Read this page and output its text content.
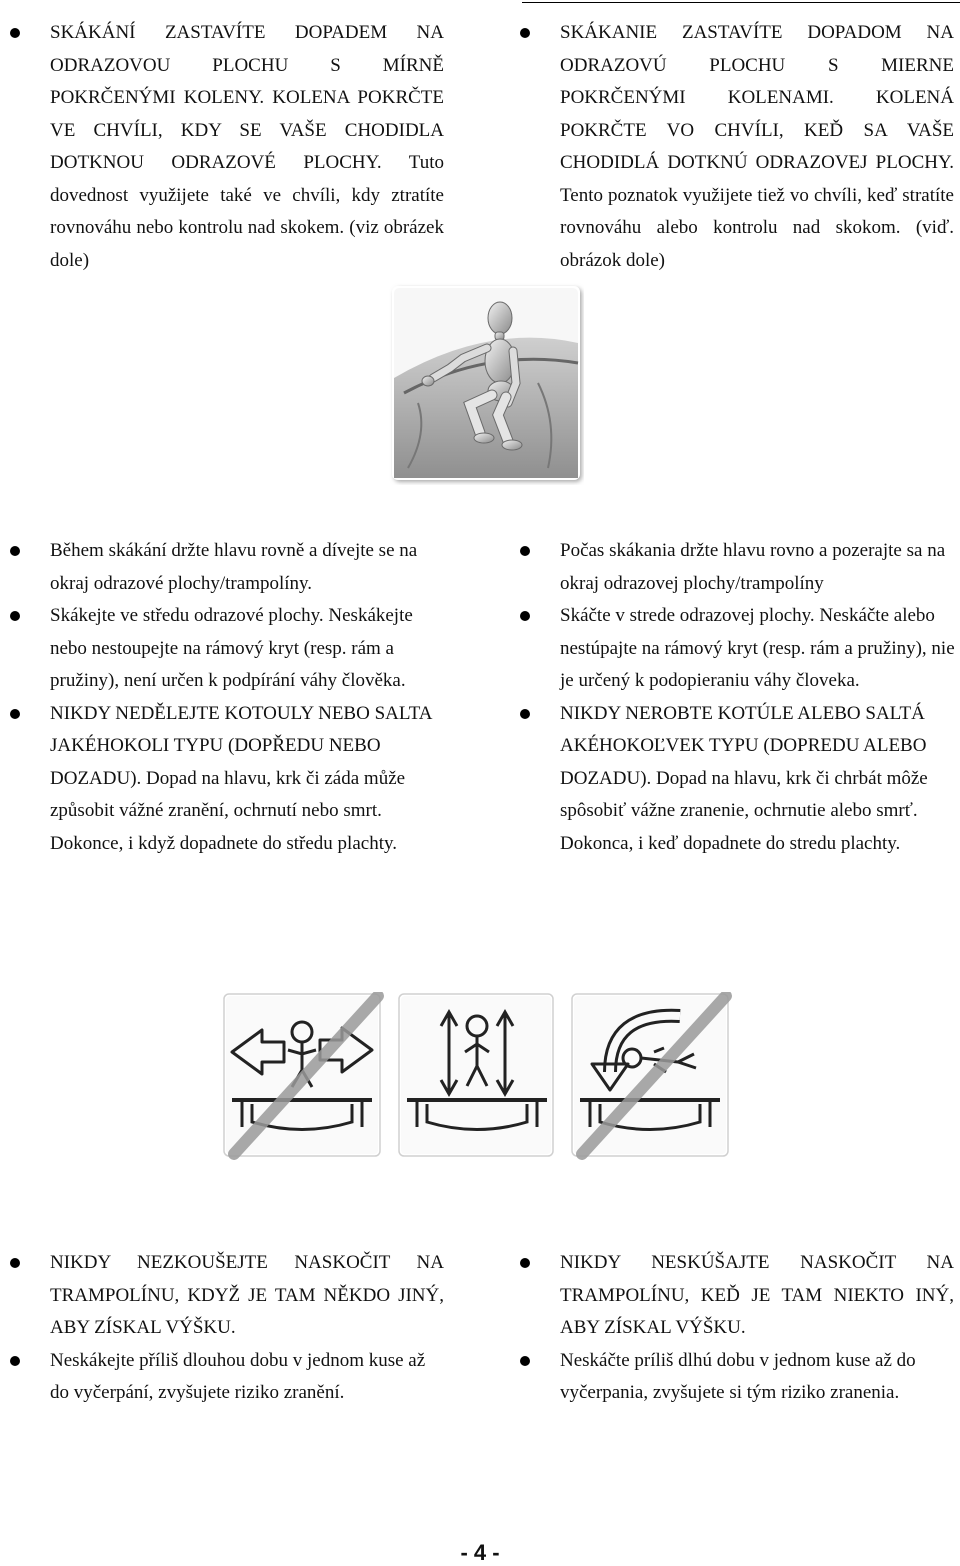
SKÁKÁNÍ ZASTAVÍTE DOPADEM NA ODRAZOVOU PLOCHU S MÍRNĚ POKRČENÝMI KOLENY. KOLENA POKRČTE VE CHVÍLI, KDY SE VAŠE CHODIDLA DOTKNOU ODRAZOVÉ PLOCHY. Tuto dovednost využijete také ve chvíli, kdy ztratíte rovnováhu nebo kontrolu nad skokem. (viz obrázek dole)

SKÁKANIE ZASTAVÍTE DOPADOM NA ODRAZOVÚ PLOCHU S MIERNE POKRČENÝMI KOLENAMI. KOLENÁ POKRČTE VO CHVÍLI, KEĎ SA VAŠE CHODIDLÁ DOTKNÚ ODRAZOVEJ PLOCHY. Tento poznatok využijete tiež vo chvíli, keď stratíte rovnováhu alebo kontrolu nad skokom. (viď. obrázok dole)

Během skákání držte hlavu rovně a dívejte se na okraj odrazové plochy/trampolíny.

Skákejte ve středu odrazové plochy. Neskákejte nebo nestoupejte na rámový kryt (resp. rám a pružiny), není určen k podpírání váhy člověka.

NIKDY NEDĚLEJTE KOTOULY NEBO SALTA JAKÉHOKOLI TYPU (DOPŘEDU NEBO DOZADU). Dopad na hlavu, krk či záda může způsobit vážné zranění, ochrnutí nebo smrt. Dokonce, i když dopadnete do středu plachty.

Počas skákania držte hlavu rovno a pozerajte sa na okraj odrazovej plochy/trampolíny

Skáčte v strede odrazovej plochy. Neskáčte alebo nestúpajte na rámový kryt (resp. rám a pružiny), nie je určený k podopieraniu váhy človeka.

NIKDY NEROBTE KOTÚLE ALEBO SALTÁ AKÉHOKOĽVEK TYPU (DOPREDU ALEBO DOZADU). Dopad na hlavu, krk či chrbát môže spôsobiť vážne zranenie, ochrnutie alebo smrť. Dokonca, i keď dopadnete do stredu plachty.

NIKDY NEZKOUŠEJTE NASKOČIT NA TRAMPOLÍNU, KDYŽ JE TAM NĚKDO JINÝ, ABY ZÍSKAL VÝŠKU.

Neskákejte příliš dlouhou dobu v jednom kuse až do vyčerpání, zvyšujete riziko zranění.

NIKDY NESKÚŠAJTE NASKOČIT NA TRAMPOLÍNU, KEĎ JE TAM NIEKTO INÝ, ABY ZÍSKAL VÝŠKU.

Neskáčte príliš dlhú dobu v jednom kuse až do vyčerpania, zvyšujete si tým riziko zranenia.

- 4 -
